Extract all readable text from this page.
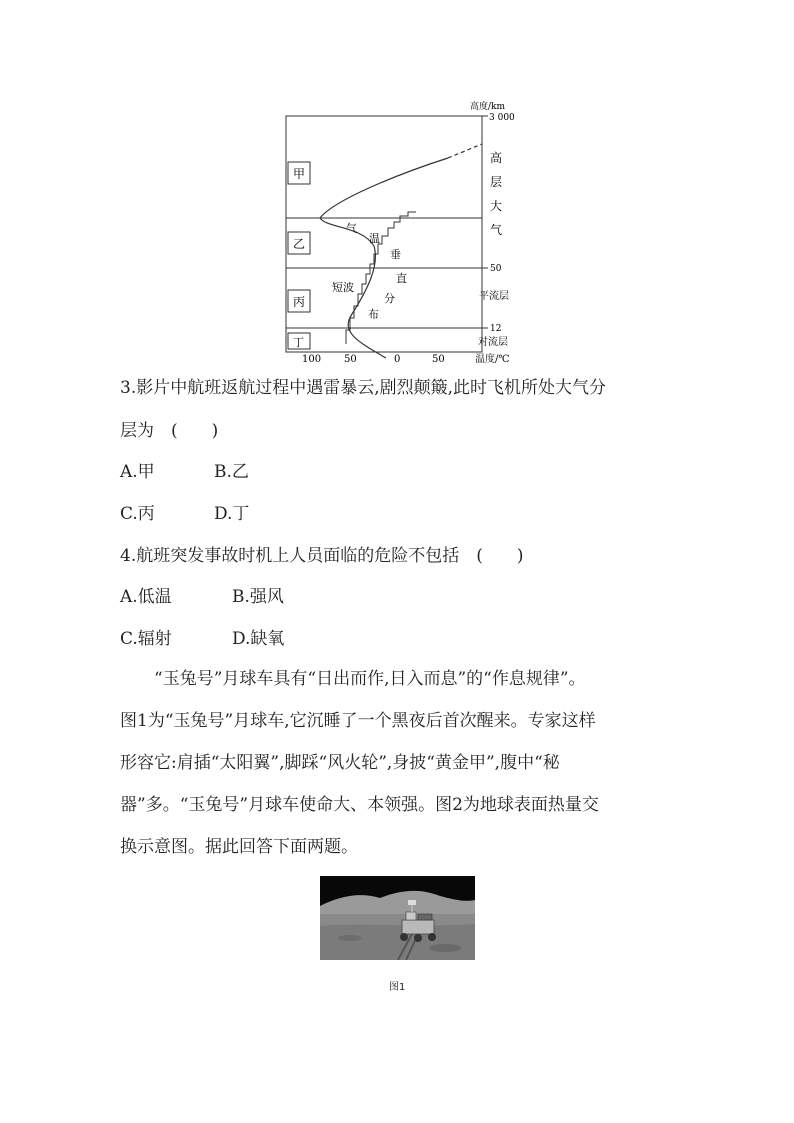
高度/km
3 000
50
12
甲
乙
丙
丁
高
层
大
气
平流层
对流层
气
温
垂
直
分
布
短波
100 50	0	50	温度/℃
3.影片中航班返航过程中遇雷暴云,剧烈颠簸,此时飞机所处大气分
层为　(　　)
A.甲	B.乙
C.丙	D.丁
4.航班突发事故时机上人员面临的危险不包括　(　　)
A.低温	B.强风
C.辐射	D.缺氧
　　“玉兔号”月球车具有“日出而作,日入而息”的“作息规律”。
图1为“玉兔号”月球车,它沉睡了一个黑夜后首次醒来。专家这样
形容它:肩插“太阳翼”,脚踩“风火轮”,身披“黄金甲”,腹中“秘
器”多。“玉兔号”月球车使命大、本领强。图2为地球表面热量交
换示意图。据此回答下面两题。
图1
